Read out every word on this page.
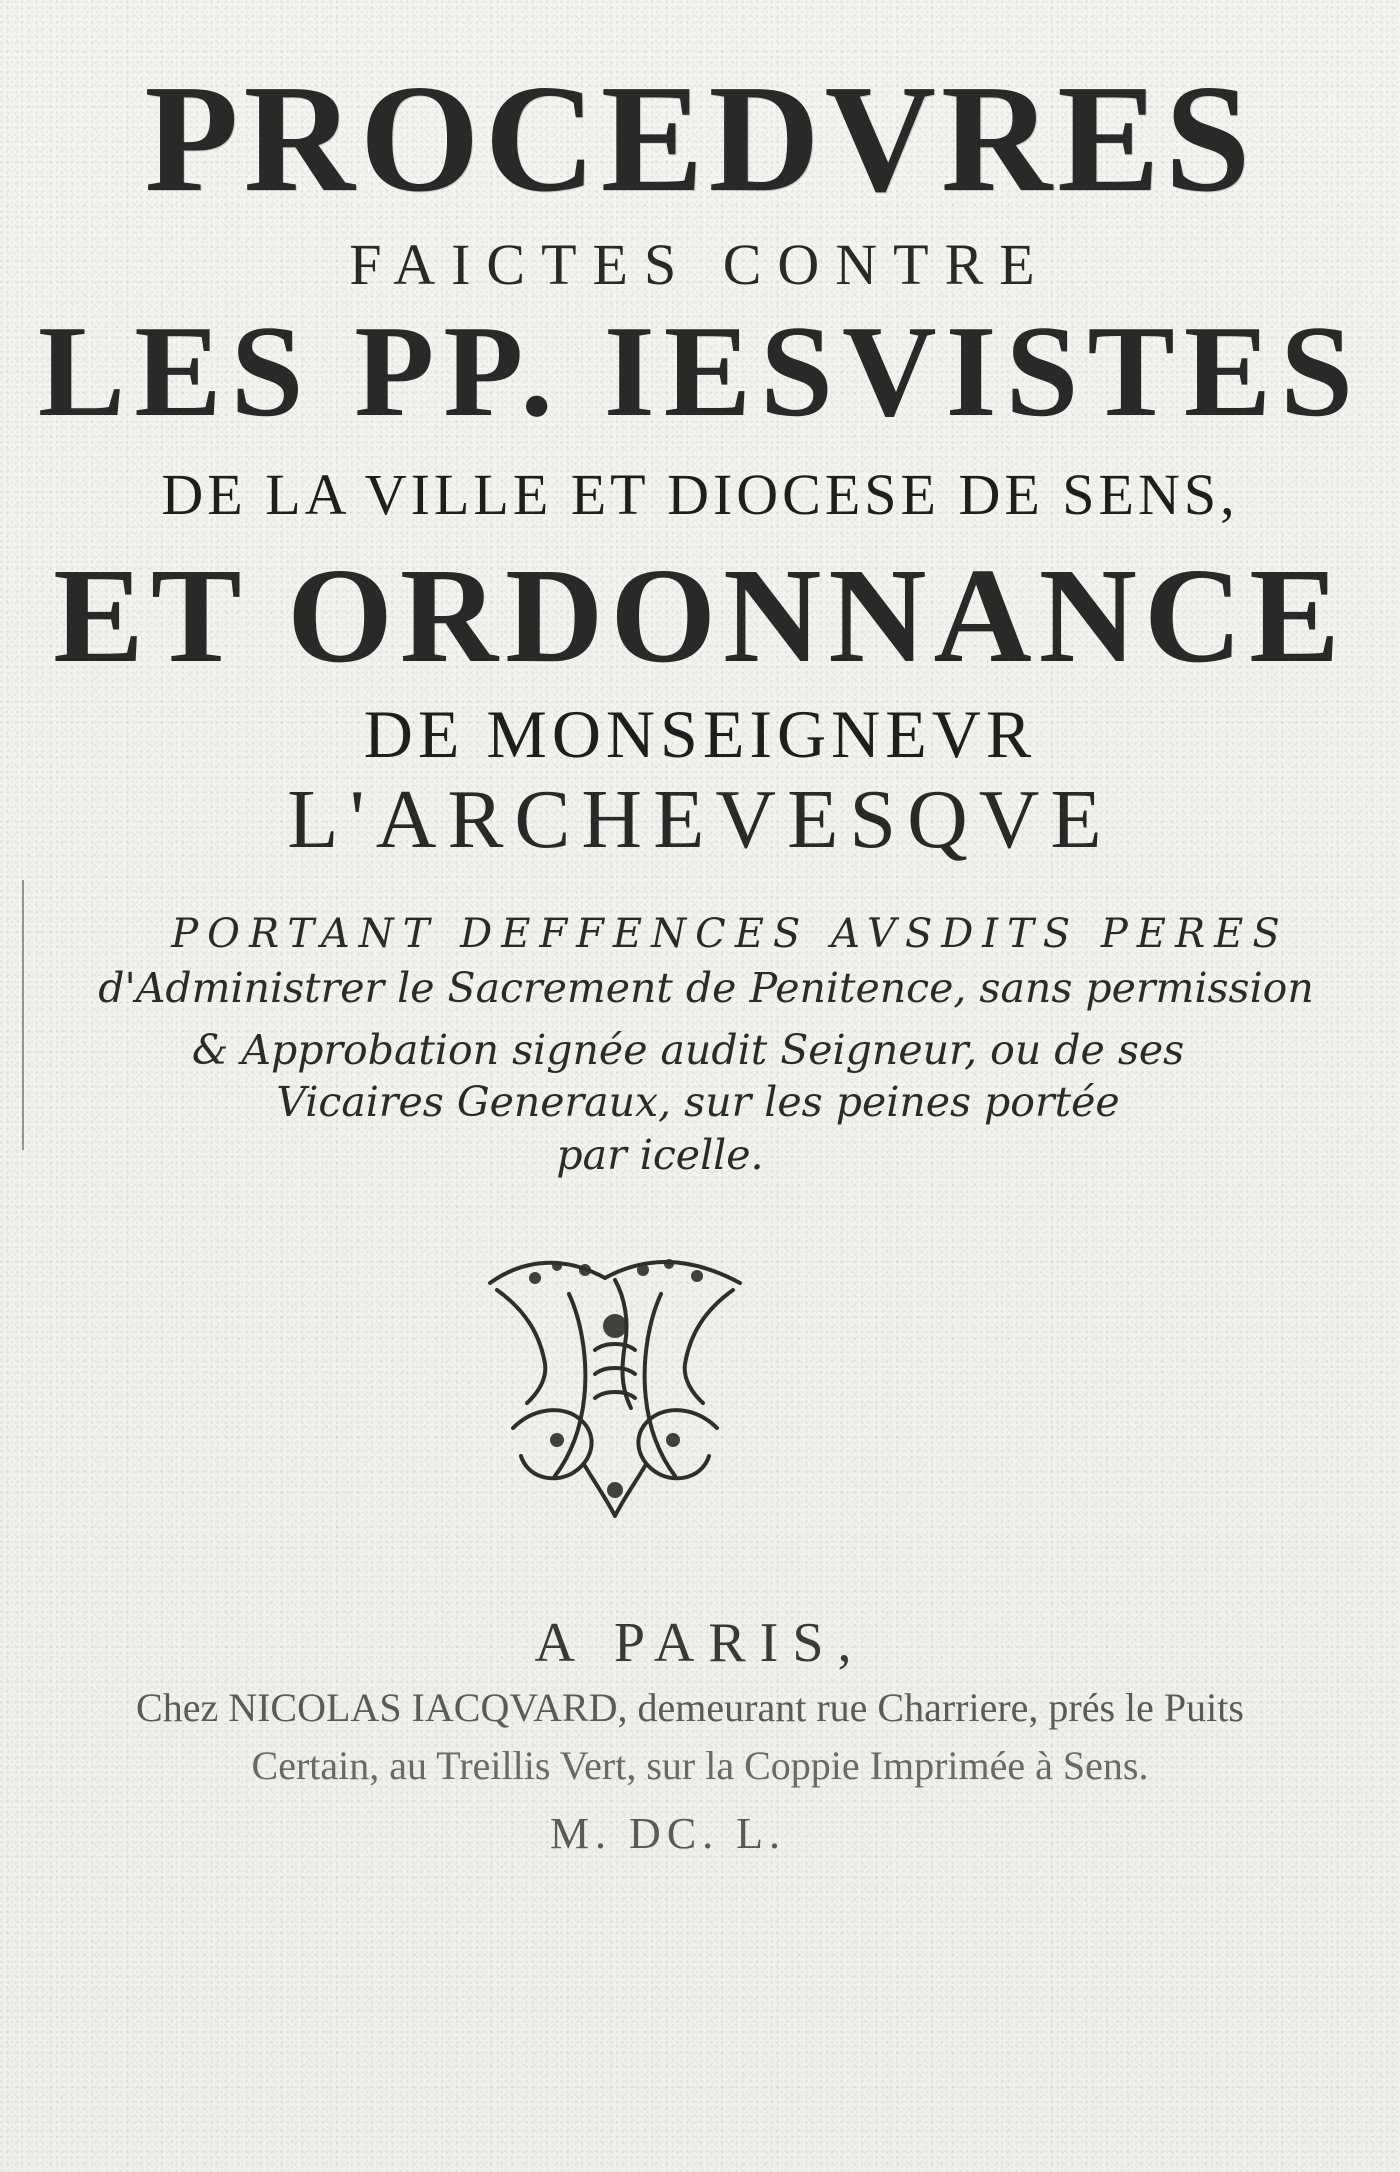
PROCEDVRES
FAICTES CONTRE
LES PP. IESVISTES
DE LA VILLE ET DIOCESE DE SENS,
ET ORDONNANCE
DE MONSEIGNEVR
L'ARCHEVESQVE
PORTANT DEFFENCES AVSDITS PERES
d'Administrer le Sacrement de Penitence, sans permission
& Approbation signée audit Seigneur, ou de ses
Vicaires Generaux, sur les peines portée
par icelle.
A PARIS,
Chez NICOLAS IACQVARD, demeurant rue Charriere, prés le Puits
Certain, au Treillis Vert, sur la Coppie Imprimée à Sens.
M. DC. L.
